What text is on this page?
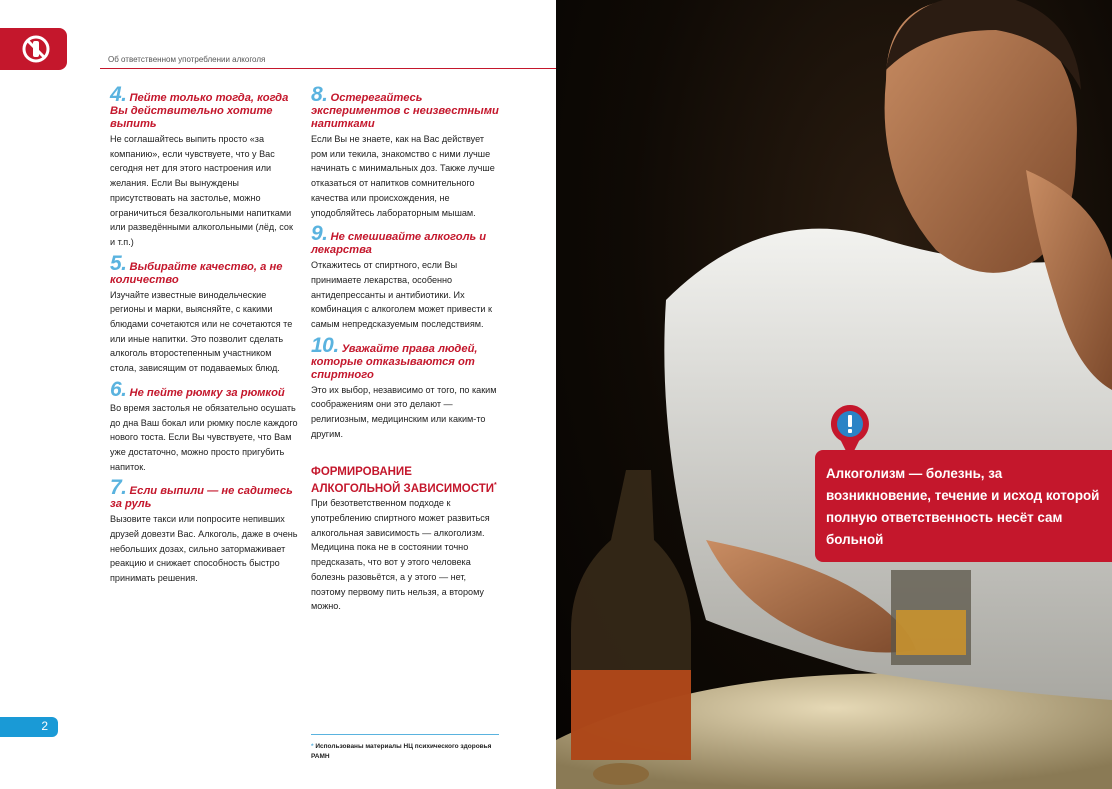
Об ответственном употреблении алкоголя
4. Пейте только тогда, когда Вы действительно хотите выпить
Не соглашайтесь выпить просто «за компанию», если чувствуете, что у Вас сегодня нет для этого настроения или желания. Если Вы вынуждены присутствовать на застолье, можно ограничиться безалкогольными напитками или разведёнными алкогольными (лёд, сок и т.п.)
5. Выбирайте качество, а не количество
Изучайте известные винодельческие регионы и марки, выясняйте, с какими блюдами сочетаются или не сочетаются те или иные напитки. Это позволит сделать алкоголь второстепенным участником стола, зависящим от подаваемых блюд.
6. Не пейте рюмку за рюмкой
Во время застолья не обязательно осушать до дна Ваш бокал или рюмку после каждого нового тоста. Если Вы чувствуете, что Вам уже достаточно, можно просто пригубить напиток.
7. Если выпили — не садитесь за руль
Вызовите такси или попросите непивших друзей довезти Вас. Алкоголь, даже в очень небольших дозах, сильно затормаживает реакцию и снижает способность быстро принимать решения.
8. Остерегайтесь экспериментов с неизвестными напитками
Если Вы не знаете, как на Вас действует ром или текила, знакомство с ними лучше начинать с минимальных доз. Также лучше отказаться от напитков сомнительного качества или происхождения, не уподобляйтесь лабораторным мышам.
9. Не смешивайте алкоголь и лекарства
Откажитесь от спиртного, если Вы принимаете лекарства, особенно антидепрессанты и антибиотики. Их комбинация с алкоголем может привести к самым непредсказуемым последствиям.
10. Уважайте права людей, которые отказываются от спиртного
Это их выбор, независимо от того, по каким соображениям они это делают — религиозным, медицинским или каким-то другим.
ФОРМИРОВАНИЕ АЛКОГОЛЬНОЙ ЗАВИСИМОСТИ*
При безответственном подходе к употреблению спиртного может развиться алкогольная зависимость — алкоголизм. Медицина пока не в состоянии точно предсказать, что вот у этого человека болезнь разовьётся, а у этого — нет, поэтому первому пить нельзя, а второму можно.
* Использованы материалы НЦ психического здоровья РАМН
2
Алкоголизм — болезнь, за возникновение, течение и исход которой полную ответственность несёт сам больной
